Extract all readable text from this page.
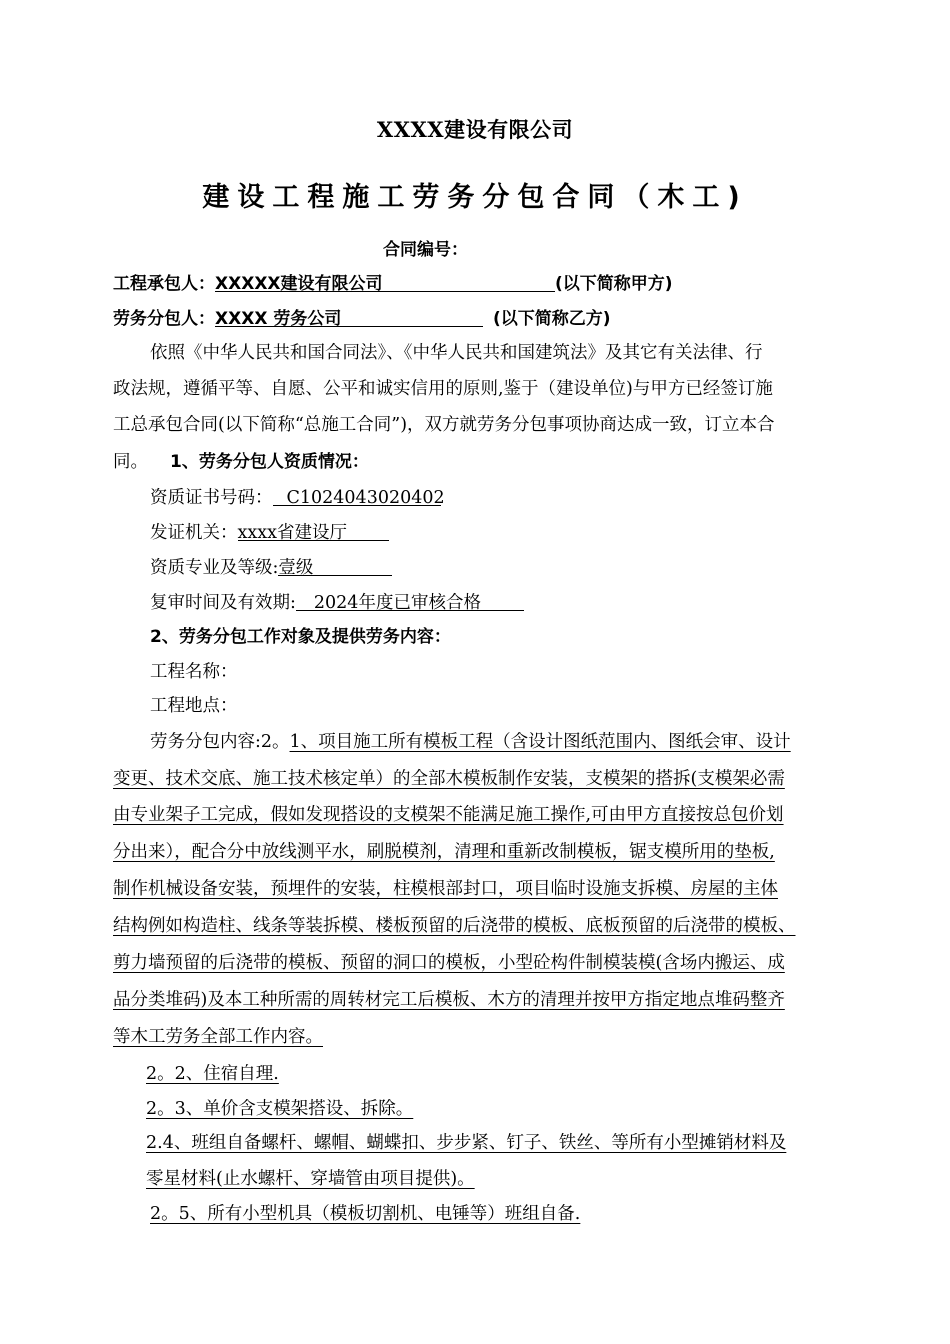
XXXX建设有限公司
建设工程施工劳务分包合同（木工)
合同编号：
工程承包人：XXXXX建设有限公司	(以下简称甲方)
劳务分包人：XXXX 劳务公司	(以下简称乙方)
依照《中华人民共和国合同法》、《中华人民共和国建筑法》及其它有关法律、行
政法规，遵循平等、自愿、公平和诚实信用的原则,鉴于（建设单位)与甲方已经签订施
工总承包合同(以下简称“总施工合同”)，双方就劳务分包事项协商达成一致，订立本合
同。 1、劳务分包人资质情况：
资质证书号码： C1024043020402
发证机关：xxxx省建设厅
资质专业及等级:壹级
复审时间及有效期: 2024年度已审核合格
2、劳务分包工作对象及提供劳务内容：
工程名称：
工程地点：
劳务分包内容:2。1、项目施工所有模板工程（含设计图纸范围内、图纸会审、设计
变更、技术交底、施工技术核定单）的全部木模板制作安装，支模架的搭拆(支模架必需
由专业架子工完成，假如发现搭设的支模架不能满足施工操作,可由甲方直接按总包价划
分出来），配合分中放线测平水，刷脱模剂，清理和重新改制模板，锯支模所用的垫板,
制作机械设备安装，预埋件的安装，柱模根部封口，项目临时设施支拆模、房屋的主体
结构例如构造柱、线条等装拆模、楼板预留的后浇带的模板、底板预留的后浇带的模板、
剪力墙预留的后浇带的模板、预留的洞口的模板，小型砼构件制模装模(含场内搬运、成
品分类堆码)及本工种所需的周转材完工后模板、木方的清理并按甲方指定地点堆码整齐
等木工劳务全部工作内容。
2。2、住宿自理.
2。3、单价含支模架搭设、拆除。
2.4、班组自备螺杆、螺帽、蝴蝶扣、步步紧、钉子、铁丝、等所有小型摊销材料及
零星材料(止水螺杆、穿墙管由项目提供)。
2。5、所有小型机具（模板切割机、电锤等）班组自备.
